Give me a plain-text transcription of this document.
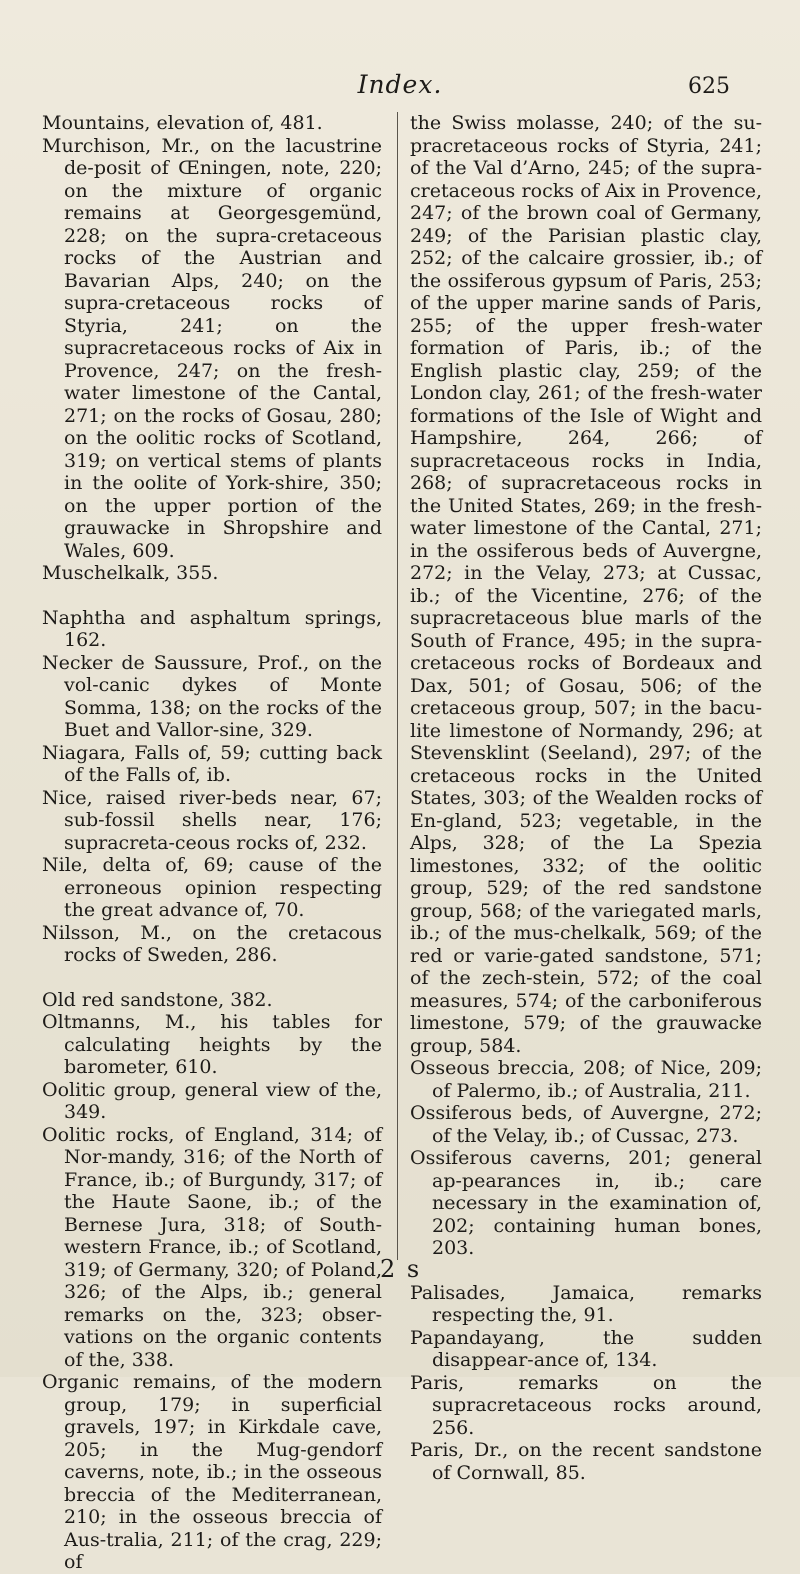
Index.	625

Mountains, elevation of, 481.

Murchison, Mr., on the lacustrine de-posit of Œningen, note, 220; on the mixture of organic remains at Georgesgemünd, 228; on the supra-cretaceous rocks of the Austrian and Bavarian Alps, 240; on the supra-cretaceous rocks of Styria, 241; on the supracretaceous rocks of Aix in Provence, 247; on the fresh-water limestone of the Cantal, 271; on the rocks of Gosau, 280; on the oolitic rocks of Scotland, 319; on vertical stems of plants in the oolite of York-shire, 350; on the upper portion of the grauwacke in Shropshire and Wales, 609.

Muschelkalk, 355.

Naphtha and asphaltum springs, 162.

Necker de Saussure, Prof., on the vol-canic dykes of Monte Somma, 138; on the rocks of the Buet and Vallor-sine, 329.

Niagara, Falls of, 59; cutting back of the Falls of, ib.

Nice, raised river-beds near, 67; sub-fossil shells near, 176; supracreta-ceous rocks of, 232.

Nile, delta of, 69; cause of the erroneous opinion respecting the great advance of, 70.

Nilsson, M., on the cretacous rocks of Sweden, 286.

Old red sandstone, 382.

Oltmanns, M., his tables for calculating heights by the barometer, 610.

Oolitic group, general view of the, 349.

Oolitic rocks, of England, 314; of Nor-mandy, 316; of the North of France, ib.; of Burgundy, 317; of the Haute Saone, ib.; of the Bernese Jura, 318; of South-western France, ib.; of Scotland, 319; of Germany, 320; of Poland, 326; of the Alps, ib.; general remarks on the, 323; obser-vations on the organic contents of the, 338.

Organic remains, of the modern group, 179; in superficial gravels, 197; in Kirkdale cave, 205; in the Mug-gendorf caverns, note, ib.; in the osseous breccia of the Mediterranean, 210; in the osseous breccia of Aus-tralia, 211; of the crag, 229; of

the Swiss molasse, 240; of the su-pracretaceous rocks of Styria, 241; of the Val d’Arno, 245; of the supra-cretaceous rocks of Aix in Provence, 247; of the brown coal of Germany, 249; of the Parisian plastic clay, 252; of the calcaire grossier, ib.; of the ossiferous gypsum of Paris, 253; of the upper marine sands of Paris, 255; of the upper fresh-water formation of Paris, ib.; of the English plastic clay, 259; of the London clay, 261; of the fresh-water formations of the Isle of Wight and Hampshire, 264, 266; of supracretaceous rocks in India, 268; of supracretaceous rocks in the United States, 269; in the fresh-water limestone of the Cantal, 271; in the ossiferous beds of Auvergne, 272; in the Velay, 273; at Cussac, ib.; of the Vicentine, 276; of the supracretaceous blue marls of the South of France, 495; in the supra-cretaceous rocks of Bordeaux and Dax, 501; of Gosau, 506; of the cretaceous group, 507; in the bacu-lite limestone of Normandy, 296; at Stevensklint (Seeland), 297; of the cretaceous rocks in the United States, 303; of the Wealden rocks of En-gland, 523; vegetable, in the Alps, 328; of the La Spezia limestones, 332; of the oolitic group, 529; of the red sandstone group, 568; of the variegated marls, ib.; of the mus-chelkalk, 569; of the red or varie-gated sandstone, 571; of the zech-stein, 572; of the coal measures, 574; of the carboniferous limestone, 579; of the grauwacke group, 584.

Osseous breccia, 208; of Nice, 209; of Palermo, ib.; of Australia, 211.

Ossiferous beds, of Auvergne, 272; of the Velay, ib.; of Cussac, 273.

Ossiferous caverns, 201; general ap-pearances in, ib.; care necessary in the examination of, 202; containing human bones, 203.

Palisades, Jamaica, remarks respecting the, 91.

Papandayang, the sudden disappear-ance of, 134.

Paris, remarks on the supracretaceous rocks around, 256.

Paris, Dr., on the recent sandstone of Cornwall, 85.

2 s
